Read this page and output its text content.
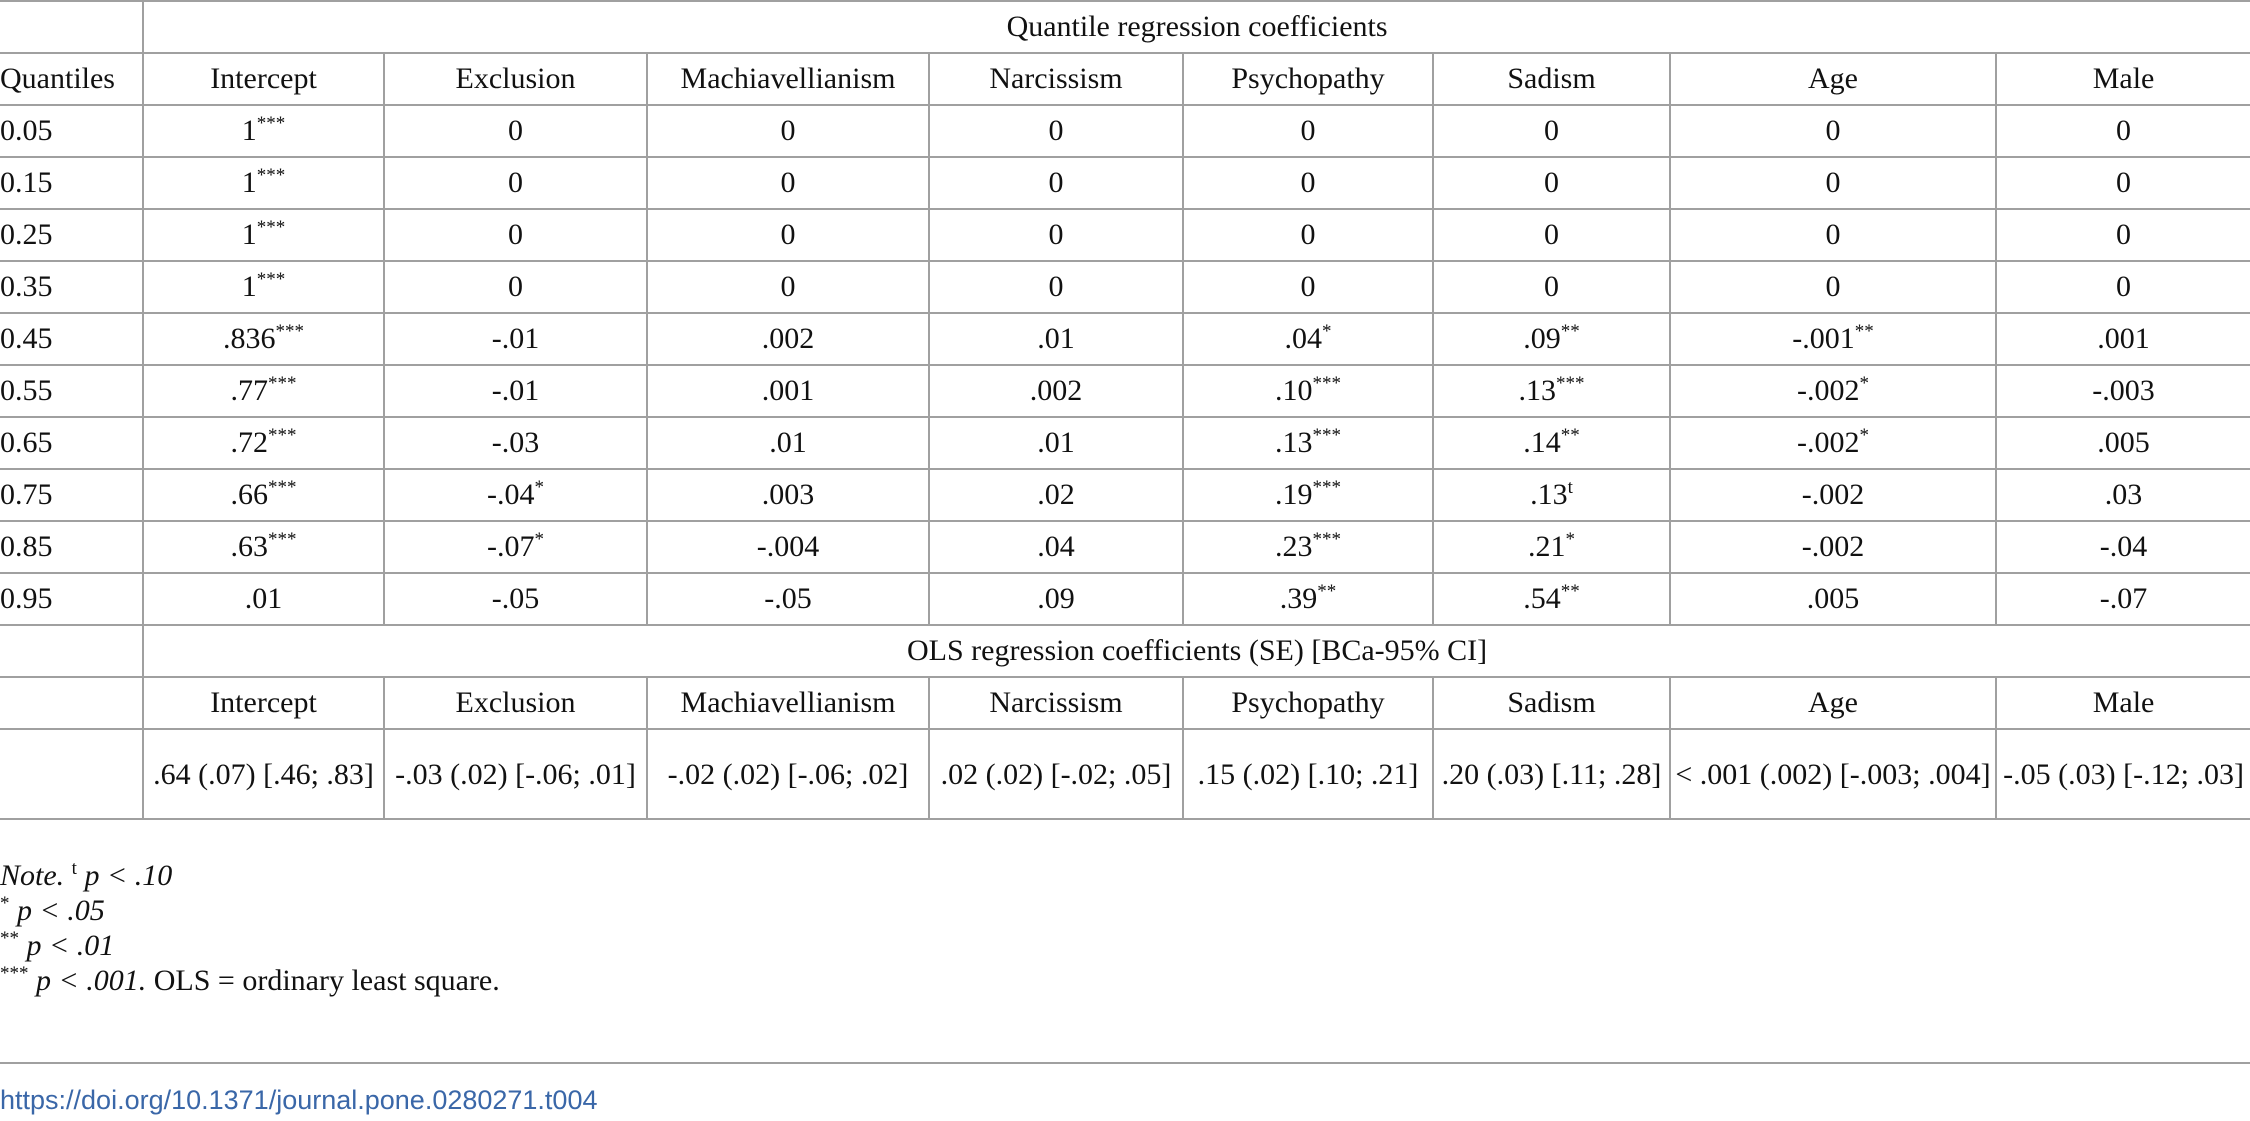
	Quantile regression coefficients							
Quantiles	Intercept	Exclusion	Machiavellianism	Narcissism	Psychopathy	Sadism	Age	Male
0.05	1***	0	0	0	0	0	0	0
0.15	1***	0	0	0	0	0	0	0
0.25	1***	0	0	0	0	0	0	0
0.35	1***	0	0	0	0	0	0	0
0.45	.836***	-.01	.002	.01	.04*	.09**	-.001**	.001
0.55	.77***	-.01	.001	.002	.10***	.13***	-.002*	-.003
0.65	.72***	-.03	.01	.01	.13***	.14**	-.002*	.005
0.75	.66***	-.04*	.003	.02	.19***	.13$^t$	-.002	.03
0.85	.63***	-.07*	-.004	.04	.23***	.21*	-.002	-.04
0.95	.01	-.05	-.05	.09	.39**	.54**	.005	-.07
	OLS regression coefficients (SE) [BCa-95% CI]							
	Intercept	Exclusion	Machiavellianism	Narcissism	Psychopathy	Sadism	Age	Male
	.64 (.07) [.46; .83]	-.03 (.02) [-.06; .01]	-.02 (.02) [-.06; .02]	.02 (.02) [-.02; .05]	.15 (.02) [.10; .21]	.20 (.03) [.11; .28]	< .001 (.002) [-.003; .004]	-.05 (.03) [-.12; .03]
Note. $^t$ p < .10
* p < .05
** p < .01
*** p < .001. OLS = ordinary least square.
https://doi.org/10.1371/journal.pone.0280271.t004
